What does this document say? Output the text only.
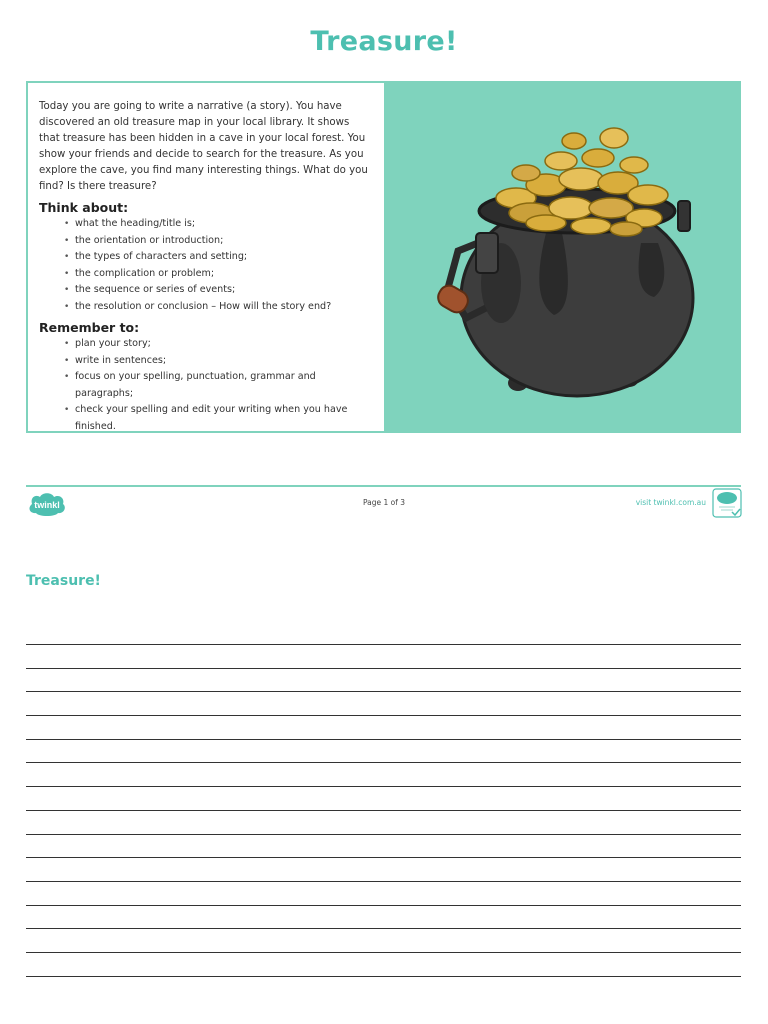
Treasure!

Today you are going to write a narrative (a story). You have discovered an old treasure map in your local library. It shows that treasure has been hidden in a cave in your local forest. You show your friends and decide to search for the treasure. As you explore the cave, you find many interesting things. What do you find? Is there treasure?

Think about:
• what the heading/title is;
• the orientation or introduction;
• the types of characters and setting;
• the complication or problem;
• the sequence or series of events;
• the resolution or conclusion – How will the story end?
Remember to:
• plan your story;
• write in sentences;
• focus on your spelling, punctuation, grammar and paragraphs;
• check your spelling and edit your writing when you have finished.
twinkl	Page 1 of 3	visit twinkl.com.au
Treasure!
